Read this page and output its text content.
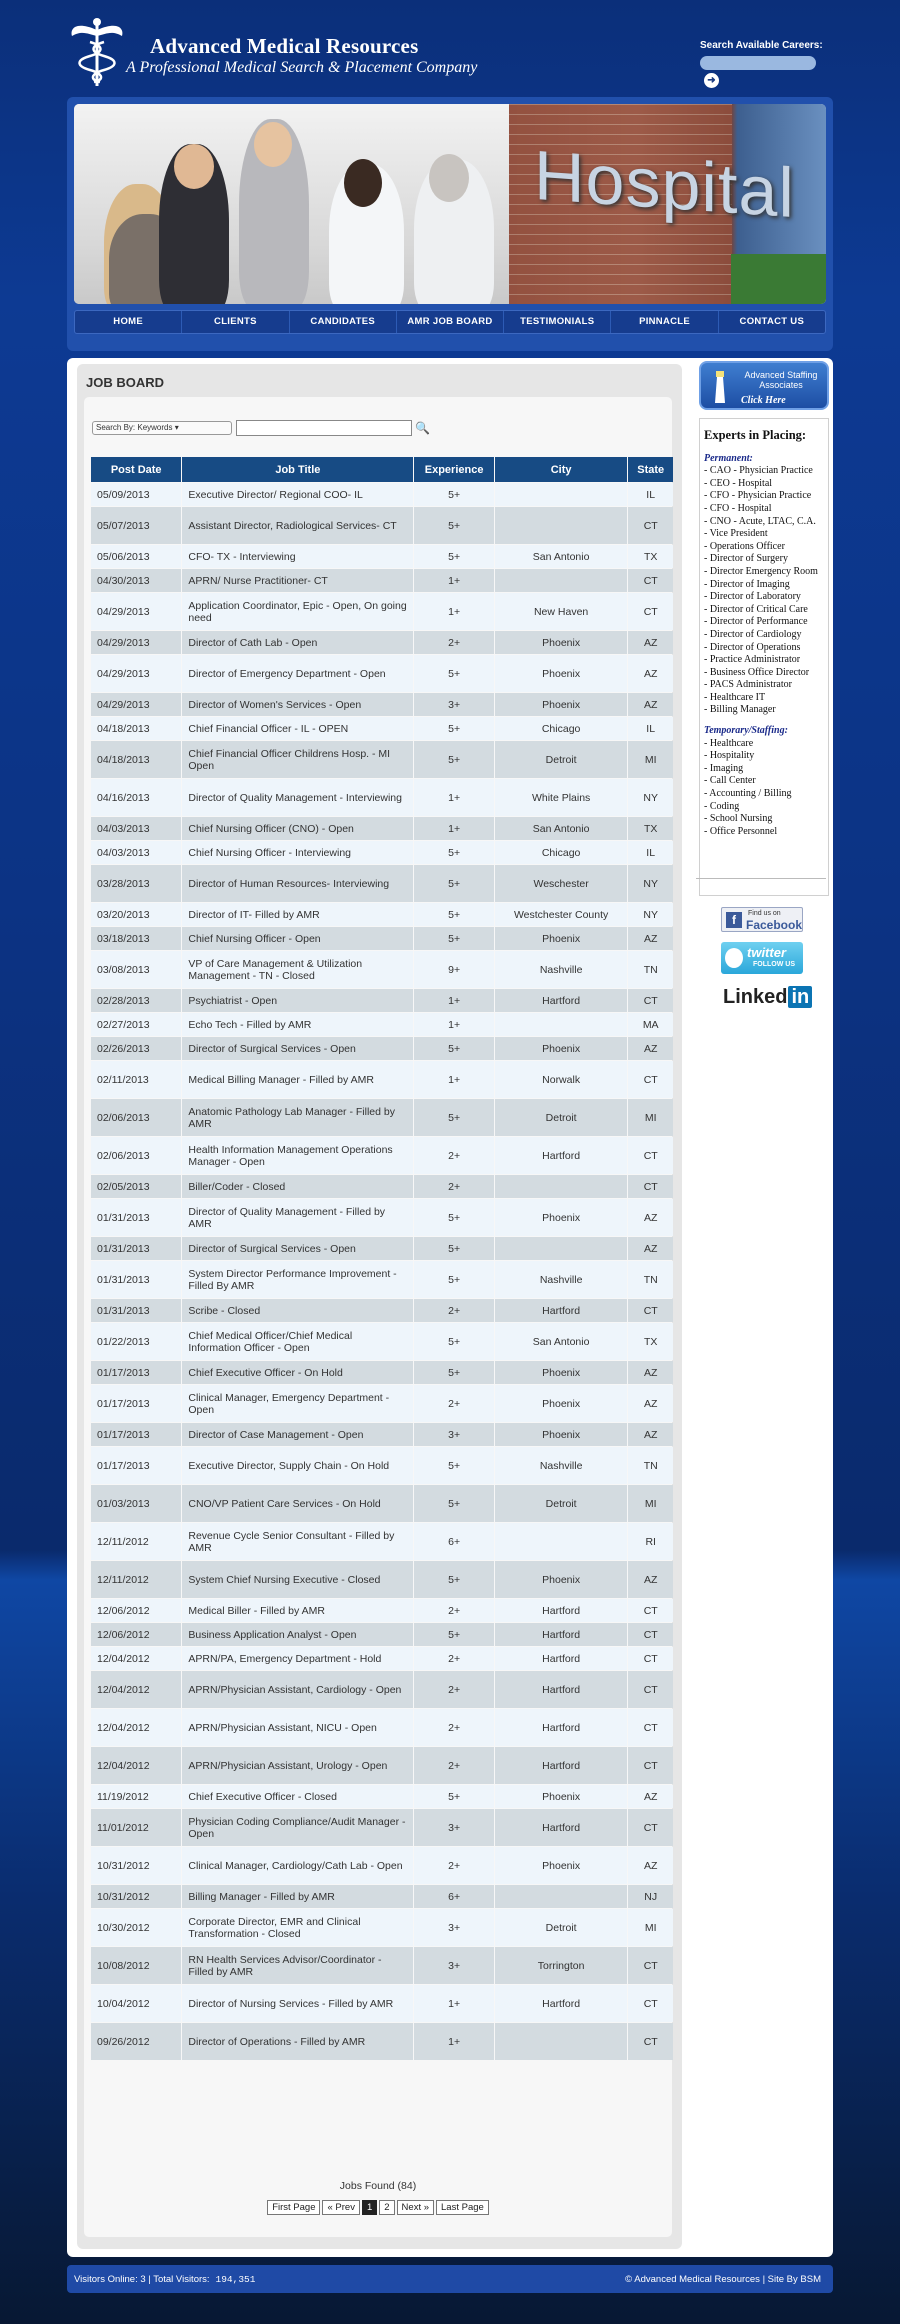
Advanced Medical Resources
A Professional Medical Search & Placement Company
Search Available Careers:
➜
Hospital
HOME	CLIENTS	CANDIDATES	AMR JOB BOARD	TESTIMONIALS	PINNACLE	CONTACT US
JOB BOARD
Search By: Keywords ▾	🔍
Post Date	Job Title	Experience	City	State
05/09/2013	Executive Director/ Regional COO- IL	5+		IL
05/07/2013	Assistant Director, Radiological Services- CT	5+		CT
05/06/2013	CFO- TX - Interviewing	5+	San Antonio	TX
04/30/2013	APRN/ Nurse Practitioner- CT	1+		CT
04/29/2013	Application Coordinator, Epic - Open, On going need	1+	New Haven	CT
04/29/2013	Director of Cath Lab - Open	2+	Phoenix	AZ
04/29/2013	Director of Emergency Department - Open	5+	Phoenix	AZ
04/29/2013	Director of Women's Services - Open	3+	Phoenix	AZ
04/18/2013	Chief Financial Officer - IL - OPEN	5+	Chicago	IL
04/18/2013	Chief Financial Officer Childrens Hosp. - MI Open	5+	Detroit	MI
04/16/2013	Director of Quality Management - Interviewing	1+	White Plains	NY
04/03/2013	Chief Nursing Officer (CNO) - Open	1+	San Antonio	TX
04/03/2013	Chief Nursing Officer - Interviewing	5+	Chicago	IL
03/28/2013	Director of Human Resources- Interviewing	5+	Weschester	NY
03/20/2013	Director of IT- Filled by AMR	5+	Westchester County	NY
03/18/2013	Chief Nursing Officer - Open	5+	Phoenix	AZ
03/08/2013	VP of Care Management & Utilization Management - TN - Closed	9+	Nashville	TN
02/28/2013	Psychiatrist - Open	1+	Hartford	CT
02/27/2013	Echo Tech - Filled by AMR	1+		MA
02/26/2013	Director of Surgical Services - Open	5+	Phoenix	AZ
02/11/2013	Medical Billing Manager - Filled by AMR	1+	Norwalk	CT
02/06/2013	Anatomic Pathology Lab Manager - Filled by AMR	5+	Detroit	MI
02/06/2013	Health Information Management Operations Manager - Open	2+	Hartford	CT
02/05/2013	Biller/Coder - Closed	2+		CT
01/31/2013	Director of Quality Management - Filled by AMR	5+	Phoenix	AZ
01/31/2013	Director of Surgical Services - Open	5+		AZ
01/31/2013	System Director Performance Improvement - Filled By AMR	5+	Nashville	TN
01/31/2013	Scribe - Closed	2+	Hartford	CT
01/22/2013	Chief Medical Officer/Chief Medical Information Officer - Open	5+	San Antonio	TX
01/17/2013	Chief Executive Officer - On Hold	5+	Phoenix	AZ
01/17/2013	Clinical Manager, Emergency Department - Open	2+	Phoenix	AZ
01/17/2013	Director of Case Management - Open	3+	Phoenix	AZ
01/17/2013	Executive Director, Supply Chain - On Hold	5+	Nashville	TN
01/03/2013	CNO/VP Patient Care Services - On Hold	5+	Detroit	MI
12/11/2012	Revenue Cycle Senior Consultant - Filled by AMR	6+		RI
12/11/2012	System Chief Nursing Executive - Closed	5+	Phoenix	AZ
12/06/2012	Medical Biller - Filled by AMR	2+	Hartford	CT
12/06/2012	Business Application Analyst - Open	5+	Hartford	CT
12/04/2012	APRN/PA, Emergency Department - Hold	2+	Hartford	CT
12/04/2012	APRN/Physician Assistant, Cardiology - Open	2+	Hartford	CT
12/04/2012	APRN/Physician Assistant, NICU - Open	2+	Hartford	CT
12/04/2012	APRN/Physician Assistant, Urology - Open	2+	Hartford	CT
11/19/2012	Chief Executive Officer - Closed	5+	Phoenix	AZ
11/01/2012	Physician Coding Compliance/Audit Manager - Open	3+	Hartford	CT
10/31/2012	Clinical Manager, Cardiology/Cath Lab - Open	2+	Phoenix	AZ
10/31/2012	Billing Manager - Filled by AMR	6+		NJ
10/30/2012	Corporate Director, EMR and Clinical Transformation - Closed	3+	Detroit	MI
10/08/2012	RN Health Services Advisor/Coordinator - Filled by AMR	3+	Torrington	CT
10/04/2012	Director of Nursing Services - Filled by AMR	1+	Hartford	CT
09/26/2012	Director of Operations - Filled by AMR	1+		CT
Jobs Found (84)
First Page « Prev 1 2 Next » Last Page
Advanced Staffing
Associates
Click Here
Experts in Placing:
Permanent:
- CAO - Physician Practice
- CEO - Hospital
- CFO - Physician Practice
- CFO - Hospital
- CNO - Acute, LTAC, C.A.
- Vice President
- Operations Officer
- Director of Surgery
- Director Emergency Room
- Director of Imaging
- Director of Laboratory
- Director of Critical Care
- Director of Performance
- Director of Cardiology
- Director of Operations
- Practice Administrator
- Business Office Director
- PACS Administrator
- Healthcare IT
- Billing Manager
Temporary/Staffing:
- Healthcare
- Hospitality
- Imaging
- Call Center
- Accounting / Billing
- Coding
- School Nursing
- Office Personnel
f	Find us on
Facebook
twitter
FOLLOW US
Linked in
Visitors Online: 3 | Total Visitors: 194,351	© Advanced Medical Resources | Site By BSM
